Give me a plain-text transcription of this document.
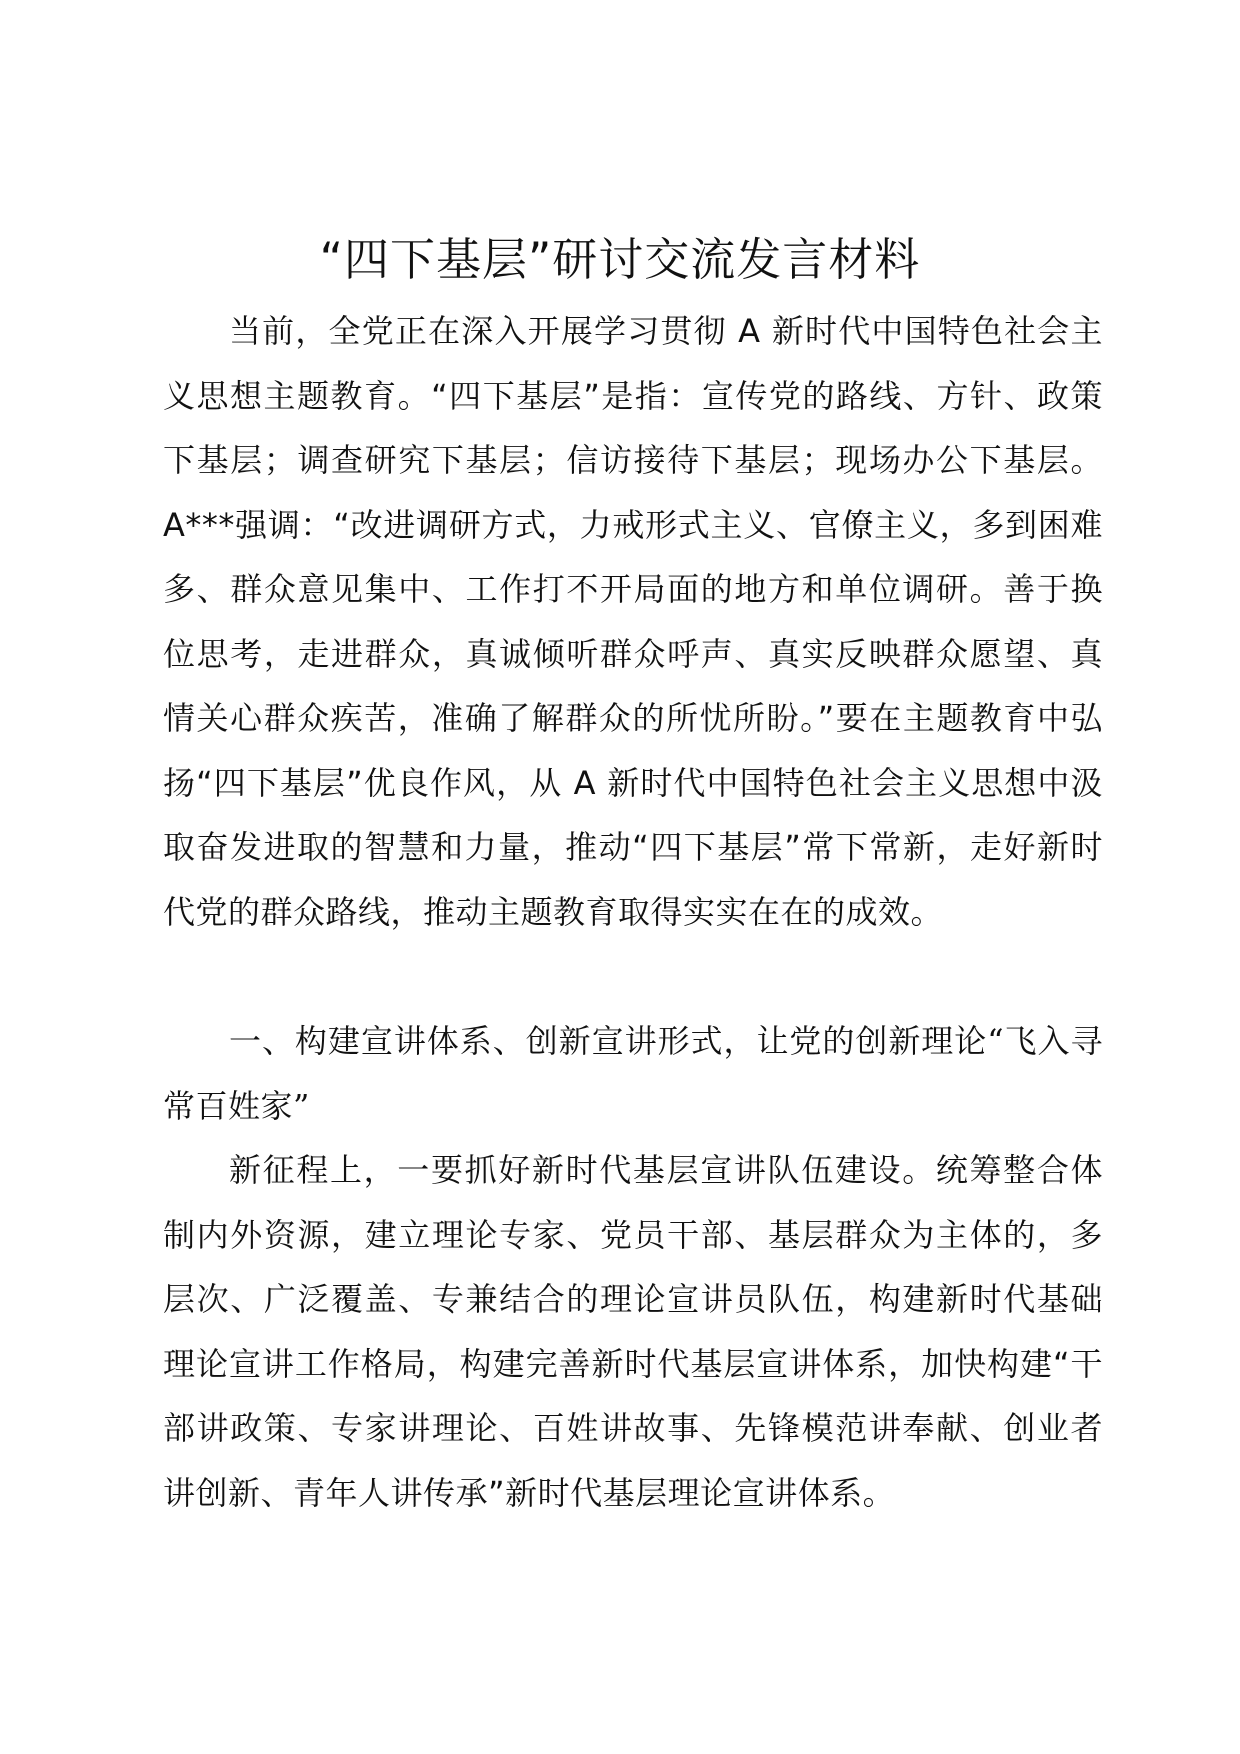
“四下基层”研讨交流发言材料

当前，全党正在深入开展学习贯彻 A 新时代中国特色社会主义思想主题教育。“四下基层”是指：宣传党的路线、方针、政策下基层；调查研究下基层；信访接待下基层；现场办公下基层。A***强调：“改进调研方式，力戒形式主义、官僚主义，多到困难多、群众意见集中、工作打不开局面的地方和单位调研。善于换位思考，走进群众，真诚倾听群众呼声、真实反映群众愿望、真情关心群众疾苦，准确了解群众的所忧所盼。”要在主题教育中弘扬“四下基层”优良作风，从 A 新时代中国特色社会主义思想中汲取奋发进取的智慧和力量，推动“四下基层”常下常新，走好新时代党的群众路线，推动主题教育取得实实在在的成效。

一、构建宣讲体系、创新宣讲形式，让党的创新理论“飞入寻常百姓家”

新征程上，一要抓好新时代基层宣讲队伍建设。统筹整合体制内外资源，建立理论专家、党员干部、基层群众为主体的，多层次、广泛覆盖、专兼结合的理论宣讲员队伍，构建新时代基础理论宣讲工作格局，构建完善新时代基层宣讲体系，加快构建“干部讲政策、专家讲理论、百姓讲故事、先锋模范讲奉献、创业者讲创新、青年人讲传承”新时代基层理论宣讲体系。
